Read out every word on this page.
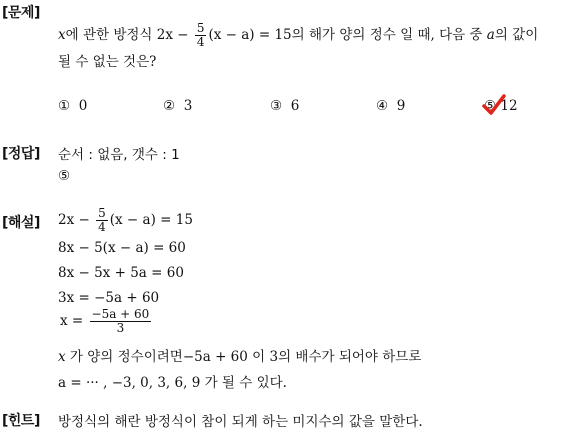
[문제]
[정답]
[해설]
[힌트]
x에 관한 방정식 $2x - \frac{5}{4} (x - a) = 15$의 해가 양의 정수 일 때, 다음 중 a의 값이
될 수 없는 것은?
① 0	② 3	③ 6	④ 9	⑤ 12
순서 : 없음, 갯수 : 1
⑤
$2x - \frac{5}{4} (x - a) = 15$
8x − 5(x − a) = 60
8x − 5x + 5a = 60
3x = −5a + 60
$x = \frac{-5a + 60}{3}$
x 가 양의 정수이려면−5a + 60 이 3의 배수가 되어야 하므로
a = ··· , −3, 0, 3, 6, 9 가 될 수 있다.
방정식의 해란 방정식이 참이 되게 하는 미지수의 값을 말한다.
